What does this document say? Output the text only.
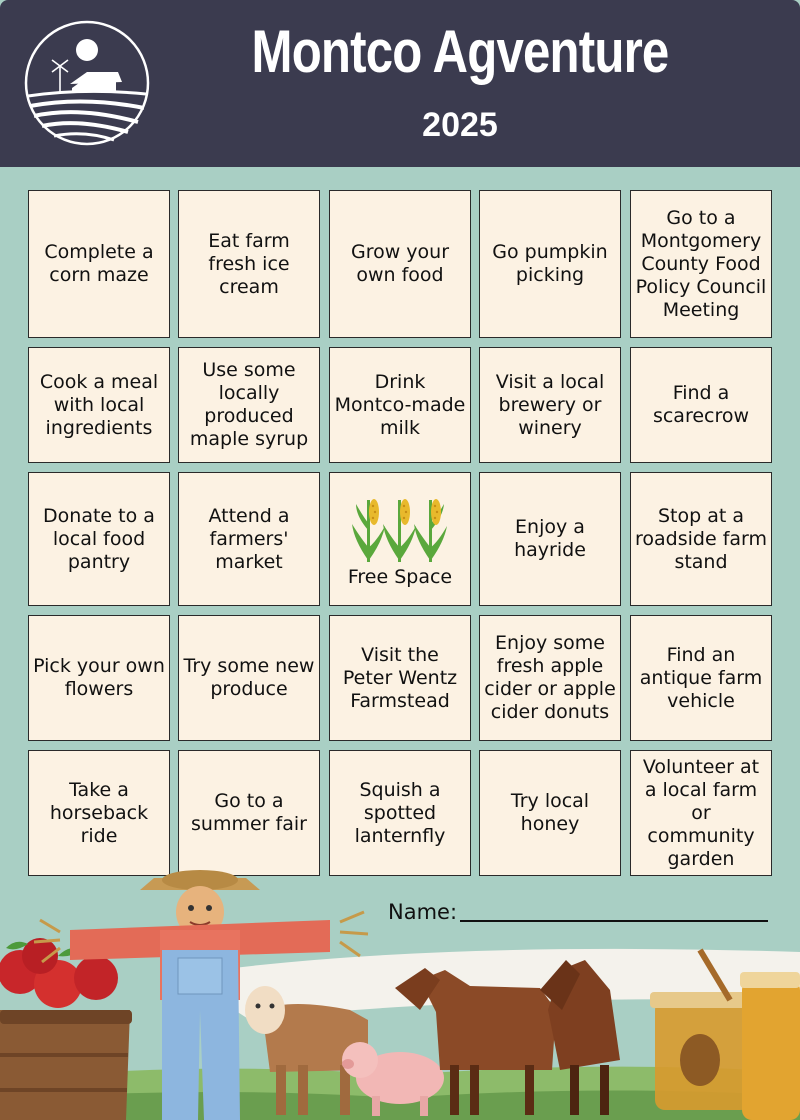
Montco Agventure
2025
Complete a corn maze
Eat farm fresh ice cream
Grow your own food
Go pumpkin picking
Go to a Montgomery County Food Policy Council Meeting
Cook a meal with local ingredients
Use some locally produced maple syrup
Drink Montco-made milk
Visit a local brewery or winery
Find a scarecrow
Donate to a local food pantry
Attend a farmers' market
Free Space
Enjoy a hayride
Stop at a roadside farm stand
Pick your own flowers
Try some new produce
Visit the Peter Wentz Farmstead
Enjoy some fresh apple cider or apple cider donuts
Find an antique farm vehicle
Take a horseback ride
Go to a summer fair
Squish a spotted lanternfly
Try local honey
Volunteer at a local farm or community garden
Name:
